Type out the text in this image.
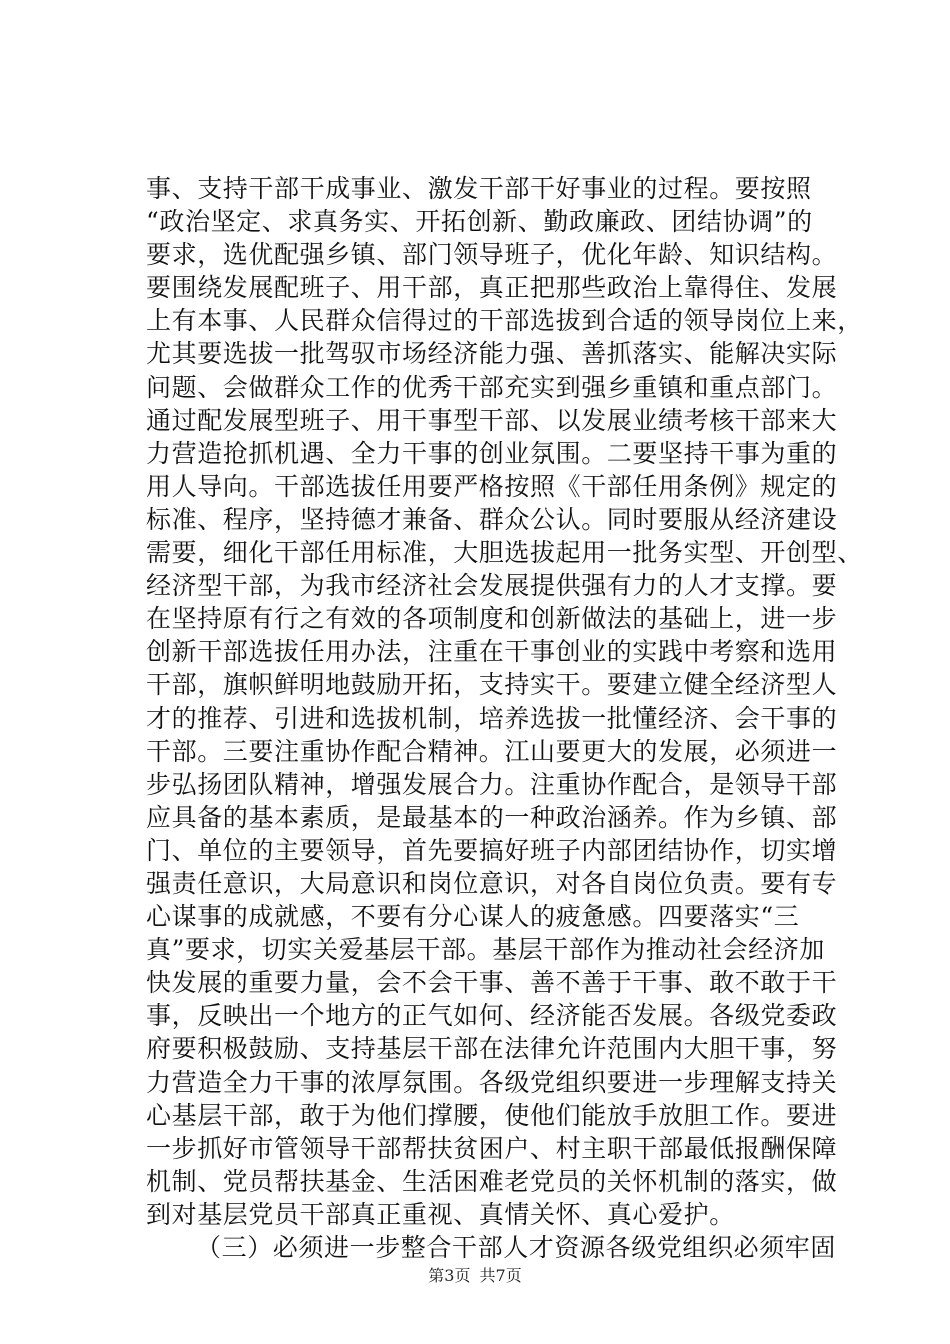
事、支持干部干成事业、激发干部干好事业的过程。要按照
“政治坚定、求真务实、开拓创新、勤政廉政、团结协调”的
要求，选优配强乡镇、部门领导班子，优化年龄、知识结构。
要围绕发展配班子、用干部，真正把那些政治上靠得住、发展
上有本事、人民群众信得过的干部选拔到合适的领导岗位上来，
尤其要选拔一批驾驭市场经济能力强、善抓落实、能解决实际
问题、会做群众工作的优秀干部充实到强乡重镇和重点部门。
通过配发展型班子、用干事型干部、以发展业绩考核干部来大
力营造抢抓机遇、全力干事的创业氛围。二要坚持干事为重的
用人导向。干部选拔任用要严格按照《干部任用条例》规定的
标准、程序，坚持德才兼备、群众公认。同时要服从经济建设
需要，细化干部任用标准，大胆选拔起用一批务实型、开创型、
经济型干部，为我市经济社会发展提供强有力的人才支撑。要
在坚持原有行之有效的各项制度和创新做法的基础上，进一步
创新干部选拔任用办法，注重在干事创业的实践中考察和选用
干部，旗帜鲜明地鼓励开拓，支持实干。要建立健全经济型人
才的推荐、引进和选拔机制，培养选拔一批懂经济、会干事的
干部。三要注重协作配合精神。江山要更大的发展，必须进一
步弘扬团队精神，增强发展合力。注重协作配合，是领导干部
应具备的基本素质，是最基本的一种政治涵养。作为乡镇、部
门、单位的主要领导，首先要搞好班子内部团结协作，切实增
强责任意识，大局意识和岗位意识，对各自岗位负责。要有专
心谋事的成就感，不要有分心谋人的疲惫感。四要落实“三
真”要求，切实关爱基层干部。基层干部作为推动社会经济加
快发展的重要力量，会不会干事、善不善于干事、敢不敢于干
事，反映出一个地方的正气如何、经济能否发展。各级党委政
府要积极鼓励、支持基层干部在法律允许范围内大胆干事，努
力营造全力干事的浓厚氛围。各级党组织要进一步理解支持关
心基层干部，敢于为他们撑腰，使他们能放手放胆工作。要进
一步抓好市管领导干部帮扶贫困户、村主职干部最低报酬保障
机制、党员帮扶基金、生活困难老党员的关怀机制的落实，做
到对基层党员干部真正重视、真情关怀、真心爱护。
（三）必须进一步整合干部人才资源各级党组织必须牢固
第3页 共7页
